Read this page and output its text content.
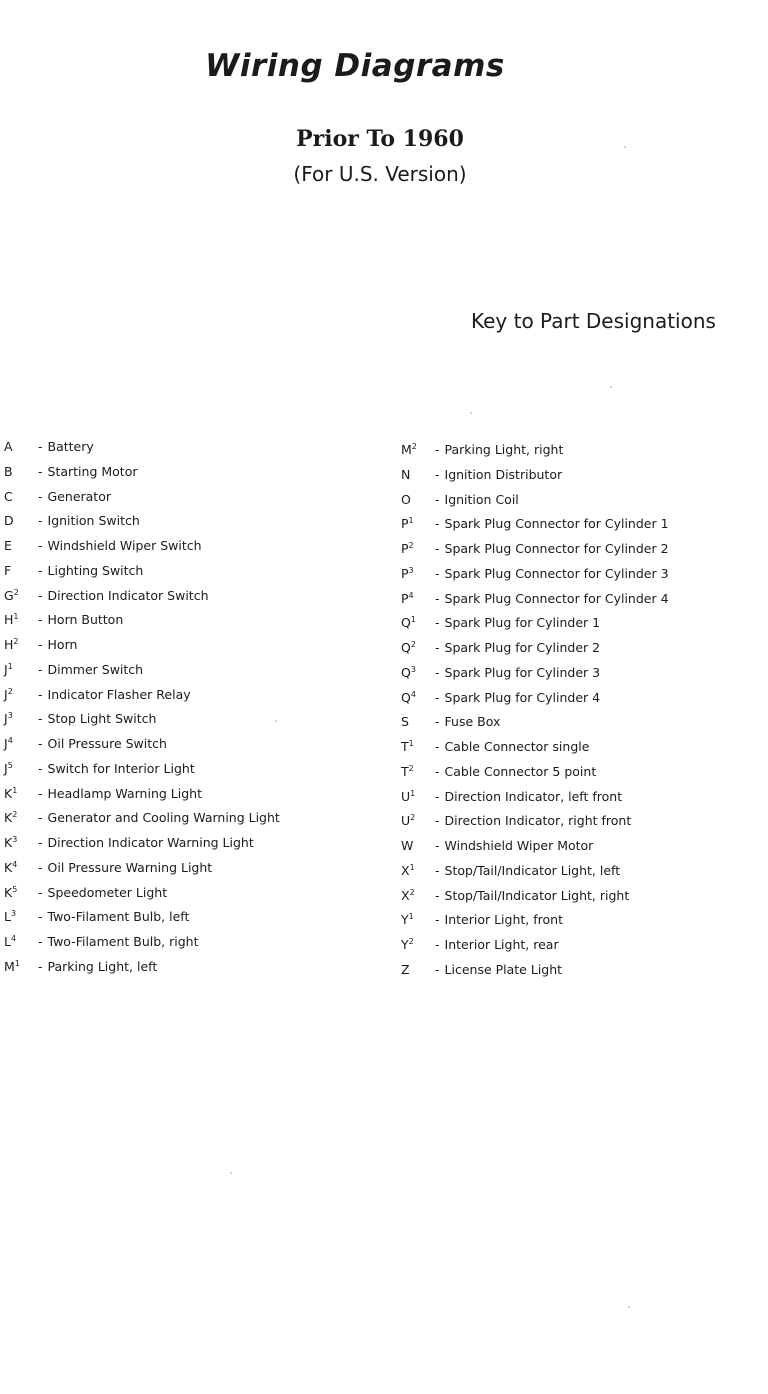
Wiring Diagrams
Prior To 1960
(For U.S. Version)
Key to Part Designations
A - Battery
B - Starting Motor
C - Generator
D - Ignition Switch
E - Windshield Wiper Switch
F - Lighting Switch
$G^2$ - Direction Indicator Switch
$H^1$ - Horn Button
$H^2$ - Horn
$J^1$ - Dimmer Switch
$J^2$ - Indicator Flasher Relay
$J^3$ - Stop Light Switch
$J^4$ - Oil Pressure Switch
$J^5$ - Switch for Interior Light
$K^1$ - Headlamp Warning Light
$K^2$ - Generator and Cooling Warning Light
$K^3$ - Direction Indicator Warning Light
$K^4$ - Oil Pressure Warning Light
$K^5$ - Speedometer Light
$L^3$ - Two-Filament Bulb, left
$L^4$ - Two-Filament Bulb, right
$M^1$ - Parking Light, left
$M^2$ - Parking Light, right
N - Ignition Distributor
O - Ignition Coil
$P^1$ - Spark Plug Connector for Cylinder 1
$P^2$ - Spark Plug Connector for Cylinder 2
$P^3$ - Spark Plug Connector for Cylinder 3
$P^4$ - Spark Plug Connector for Cylinder 4
$Q^1$ - Spark Plug for Cylinder 1
$Q^2$ - Spark Plug for Cylinder 2
$Q^3$ - Spark Plug for Cylinder 3
$Q^4$ - Spark Plug for Cylinder 4
S - Fuse Box
$T^1$ - Cable Connector single
$T^2$ - Cable Connector 5 point
$U^1$ - Direction Indicator, left front
$U^2$ - Direction Indicator, right front
W - Windshield Wiper Motor
$X^1$ - Stop/Tail/Indicator Light, left
$X^2$ - Stop/Tail/Indicator Light, right
$Y^1$ - Interior Light, front
$Y^2$ - Interior Light, rear
Z - License Plate Light
